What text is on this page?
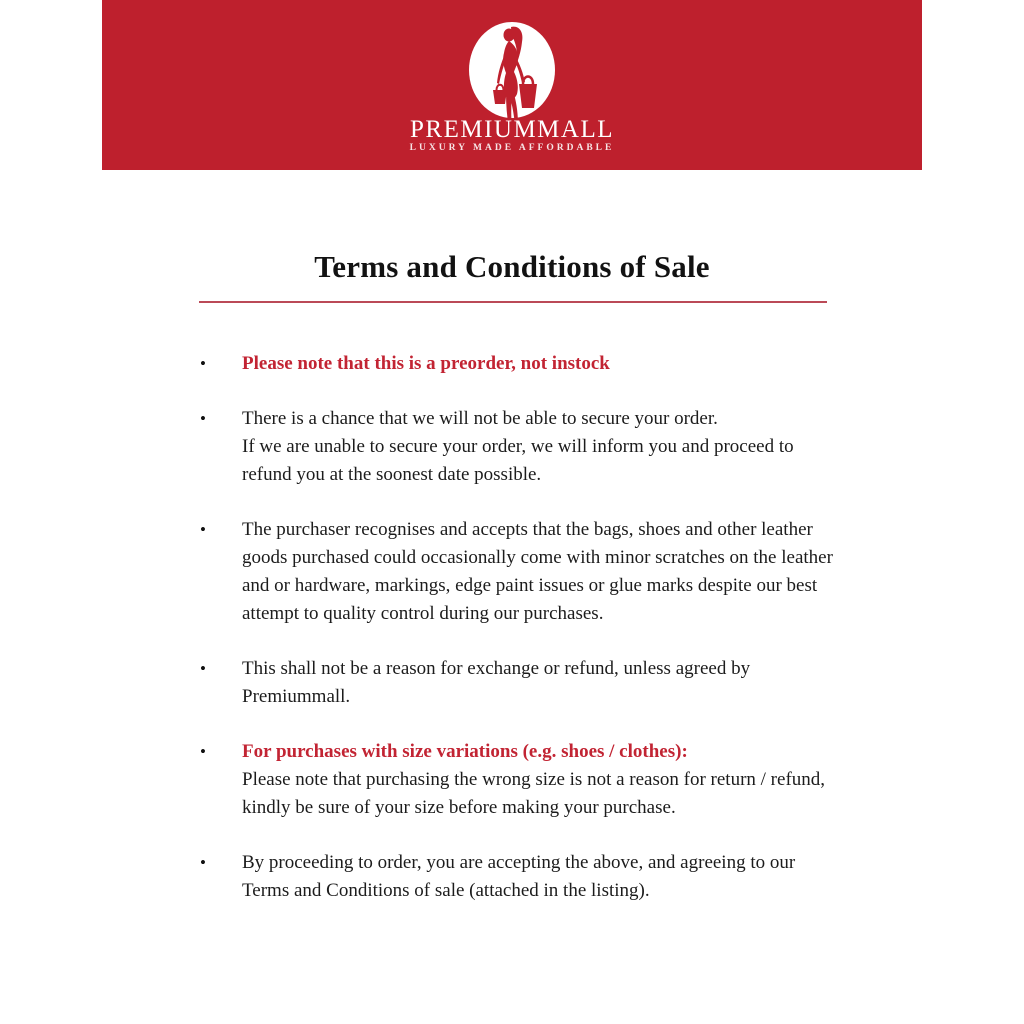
PREMIUMMALL
LUXURY MADE AFFORDABLE
Terms and Conditions of Sale
•	Please note that this is a preorder, not instock
•	There is a chance that we will not be able to secure your order.
If we are unable to secure your order, we will inform you and proceed to refund you at the soonest date possible.
•	The purchaser recognises and accepts that the bags, shoes and other leather goods purchased could occasionally come with minor scratches on the leather and or hardware, markings, edge paint issues or glue marks despite our best attempt to quality control during our purchases.
•	This shall not be a reason for exchange or refund, unless agreed by Premiummall.
•	For purchases with size variations (e.g. shoes / clothes):
Please note that purchasing the wrong size is not a reason for return / refund, kindly be sure of your size before making your purchase.
•	By proceeding to order, you are accepting the above, and agreeing to our Terms and Conditions of sale (attached in the listing).
